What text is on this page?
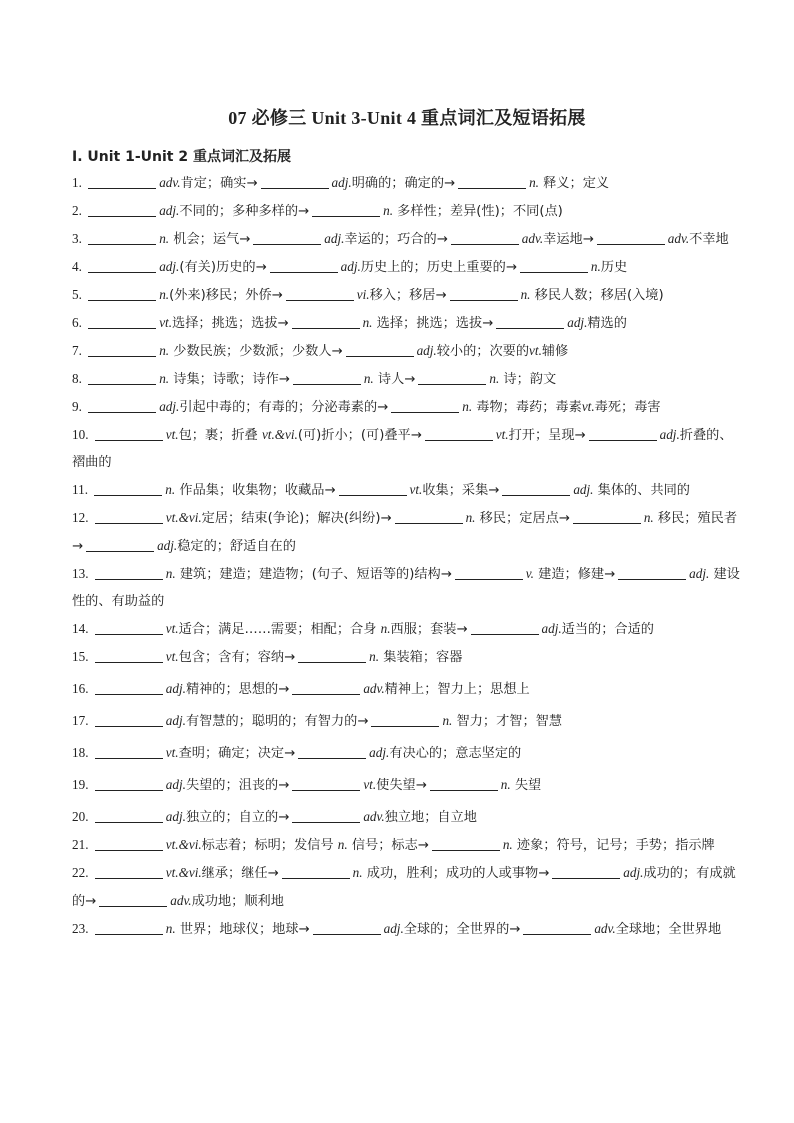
07 必修三 Unit 3-Unit 4 重点词汇及短语拓展
I. Unit 1-Unit 2 重点词汇及拓展

1.	adv.肯定；确实→	adj.明确的；确定的→	n. 释义；定义

2.	adj.不同的；多种多样的→	n. 多样性；差异(性)；不同(点)

3.	n. 机会；运气→	adj.幸运的；巧合的→	adv.幸运地→	adv.不幸地

4.	adj.(有关)历史的→	adj.历史上的；历史上重要的→	n.历史

5.	n.(外来)移民；外侨→	vi.移入；移居→	n. 移民人数；移居(入境)

6.	vt.选择；挑选；选拔→	n. 选择；挑选；选拔→	adj.精选的

7.	n. 少数民族；少数派；少数人→	adj.较小的；次要的vt.辅修

8.	n. 诗集；诗歌；诗作→	n. 诗人→	n. 诗；韵文

9.	adj.引起中毒的；有毒的；分泌毒素的→	n. 毒物；毒药；毒素vt.毒死；毒害

10.	vt.包；裹；折叠 vt.&vi.(可)折小；(可)叠平→	vt.打开；呈现→	adj.折叠的、褶曲的

11.	n. 作品集；收集物；收藏品→	vt.收集；采集→	adj. 集体的、共同的

12.	vt.&vi.定居；结束(争论)；解决(纠纷)→	n. 移民；定居点→	n. 移民；殖民者→	adj.稳定的；舒适自在的

13.	n. 建筑；建造；建造物；(句子、短语等的)结构→	v. 建造；修建→	adj. 建设性的、有助益的

14.	vt.适合；满足……需要；相配；合身 n.西服；套装→	adj.适当的；合适的

15.	vt.包含；含有；容纳→	n. 集装箱；容器

16.	adj.精神的；思想的→	adv.精神上；智力上；思想上

17.	adj.有智慧的；聪明的；有智力的→	n. 智力；才智；智慧

18.	vt.查明；确定；决定→	adj.有决心的；意志坚定的

19.	adj.失望的；沮丧的→	vt.使失望→	n. 失望

20.	adj.独立的；自立的→	adv.独立地；自立地

21.	vt.&vi.标志着；标明；发信号 n. 信号；标志→	n. 迹象；符号，记号；手势；指示牌

22.	vt.&vi.继承；继任→	n. 成功，胜利；成功的人或事物→	adj.成功的；有成就的→	adv.成功地；顺利地

23.	n. 世界；地球仪；地球→	adj.全球的；全世界的→	adv.全球地；全世界地
